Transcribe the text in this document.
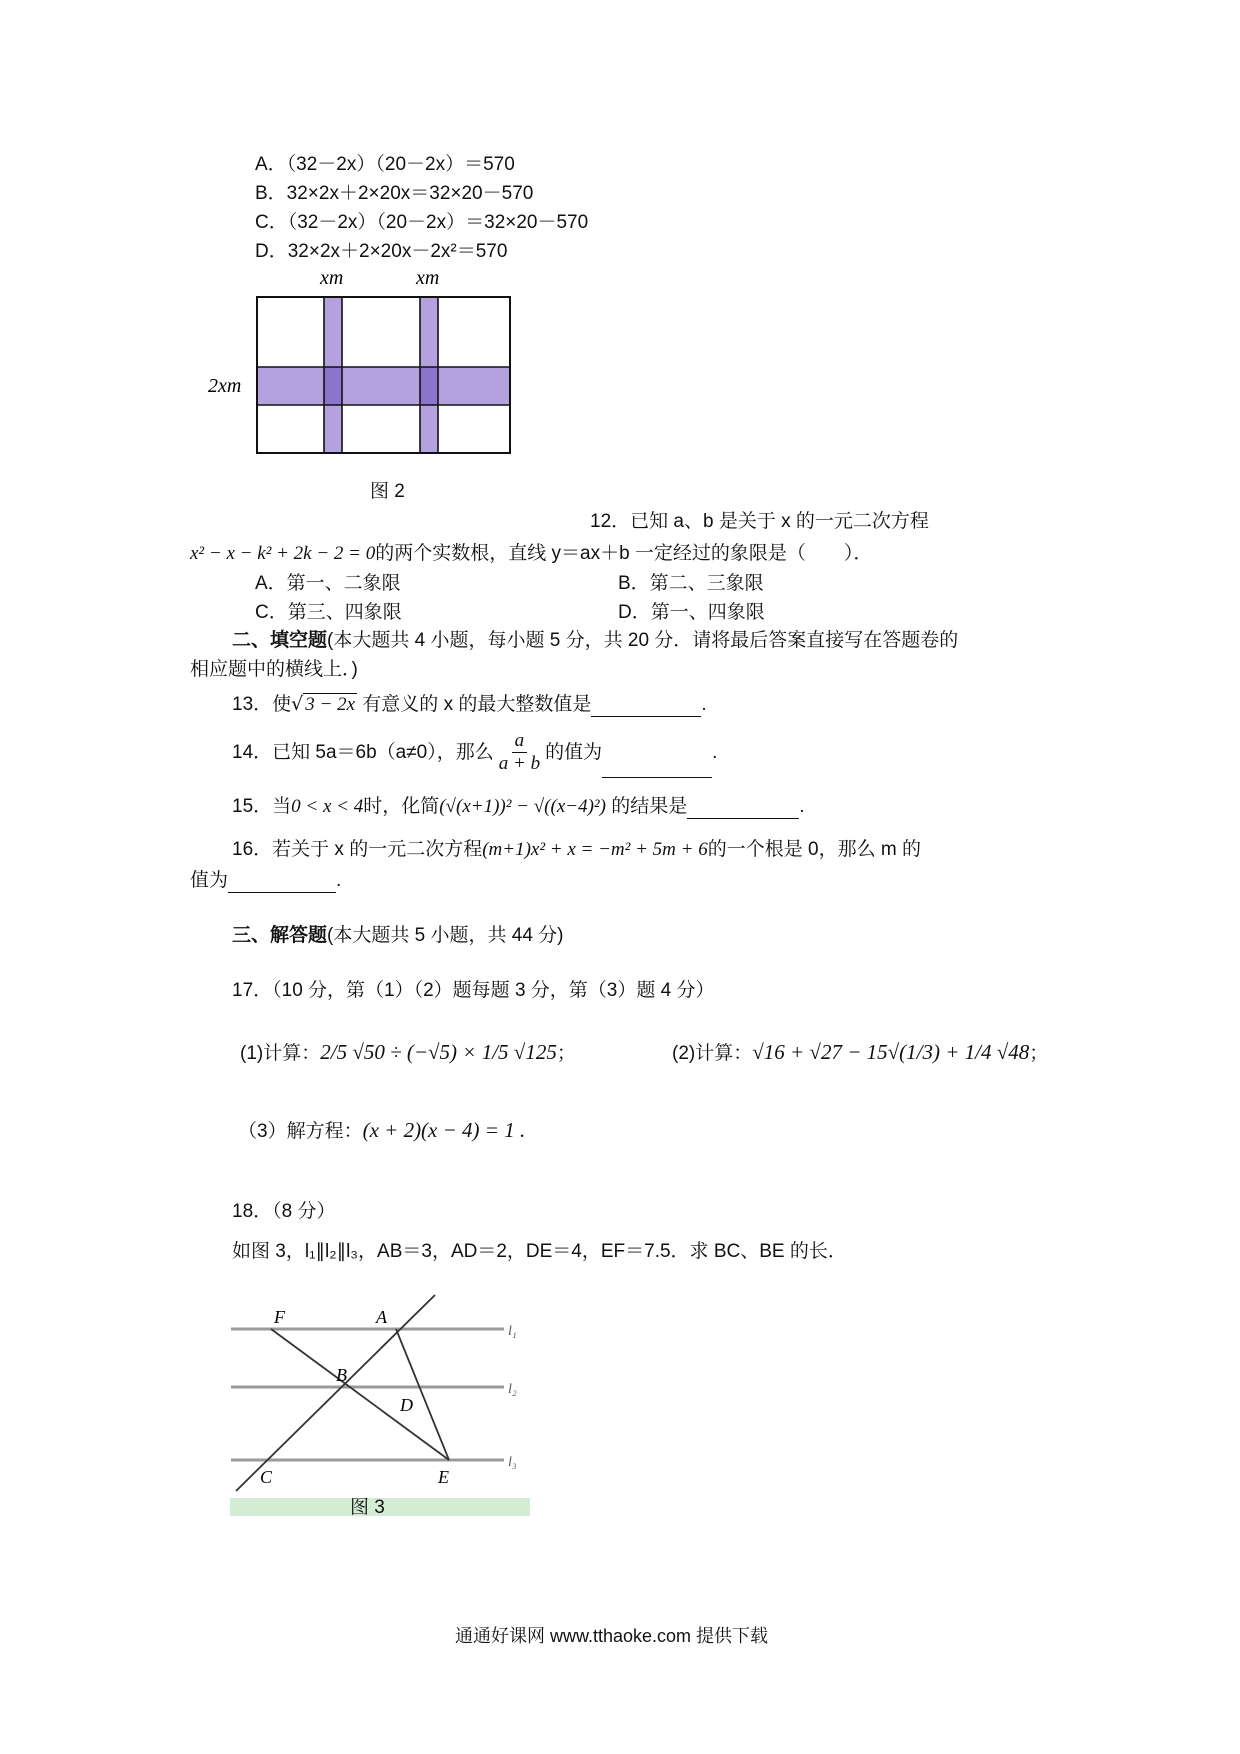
A．（32－2x）（20－2x）＝570
B．32×2x＋2×20x＝32×20－570
C．（32－2x）（20－2x）＝32×20－570
D．32×2x＋2×20x－2x²＝570
xm	xm
2xm
图 2
12．已知 a、b 是关于 x 的一元二次方程
x² − x − k² + 2k − 2 = 0的两个实数根，直线 y＝ax＋b 一定经过的象限是（　　）．
A．第一、二象限	B．第二、三象限
C．第三、四象限	D．第一、四象限
二、填空题(本大题共 4 小题，每小题 5 分，共 20 分．请将最后答案直接写在答题卷的
相应题中的横线上．)
13．使√ 3 − 2x 有意义的 x 的最大整数值是	.
14．已知 5a＝6b（a≠0），那么 $\frac{a}{a + b}$ 的值为	.
15．当0 < x < 4时，化简(√(x+1))² − √((x−4)²) 的结果是	.
16．若关于 x 的一元二次方程(m+1)x² + x = −m² + 5m + 6的一个根是 0，那么 m 的
值为	.
三、解答题(本大题共 5 小题，共 44 分)
17．（10 分，第（1）（2）题每题 3 分，第（3）题 4 分）
(1)计算：2/5 √50 ÷ (−√5) × 1/5 √125；	(2)计算：√16 + √27 − 15√(1/3) + 1/4 √48；
（3）解方程：(x + 2)(x − 4) = 1 .
18．（8 分）
如图 3，l₁∥l₂∥l₃，AB＝3，AD＝2，DE＝4，EF＝7.5．求 BC、BE 的长．
F	A
B
D
C	E
l₁
l₂
l₃
图 3
通通好课网 www.tthaoke.com 提供下载
